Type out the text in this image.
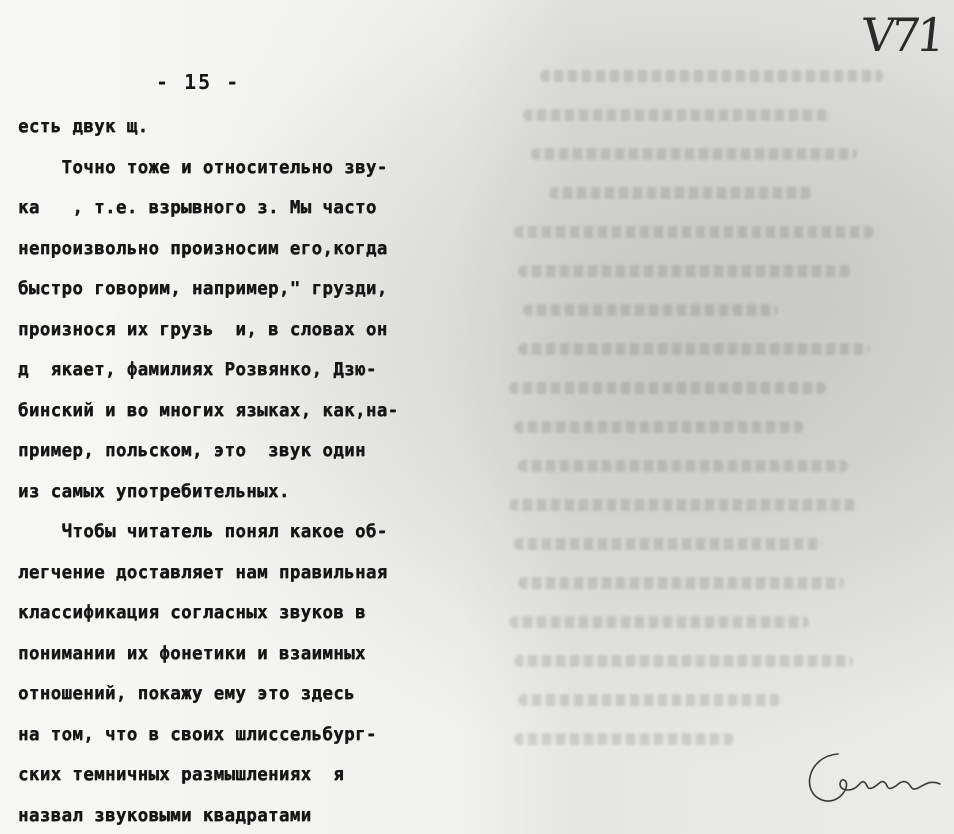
V71
- 15 -
есть двук щ.
Точно тоже и относительно зву-
ка   , т.е. взрывного з. Мы часто
непроизвольно произносим его,когда
быстро говорим, например," грузди,
произнося их грузь  и, в словах он
д  якает, фамилиях Розвянко, Дзю-
бинский и во многих языках, как,на-
пример, польском, это  звук один
из самых употребительных.
Чтобы читатель понял какое об-
легчение доставляет нам правильная
классификация согласных звуков в
понимании их фонетики и взаимных
отношений, покажу ему это здесь
на том, что в своих шлиссельбург-
ских темничных размышлениях  я
назвал звуковыми квадратами
